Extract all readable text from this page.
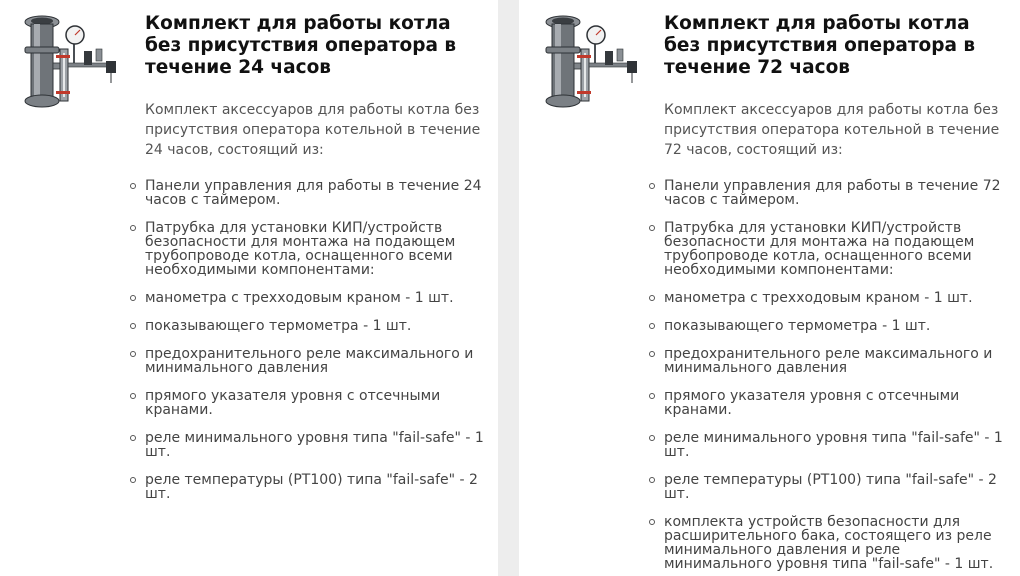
Комплект для работы котла без присутствия оператора в течение 24 часов

Комплект аксессуаров для работы котла без присутствия оператора котельной в течение 24 часов, состоящий из:

Панели управления для работы в течение 24 часов с таймером.
Патрубка для установки КИП/устройств безопасности для монтажа на подающем трубопроводе котла, оснащенного всеми необходимыми компонентами:
манометра с трехходовым краном - 1 шт.
показывающего термометра - 1 шт.
предохранительного реле максимального и минимального давления
прямого указателя уровня с отсечными кранами.
реле минимального уровня типа "fail-safe" - 1 шт.
реле температуры (PT100) типа "fail-safe" - 2 шт.
Комплект для работы котла без присутствия оператора в течение 72 часов

Комплект аксессуаров для работы котла без присутствия оператора котельной в течение 72 часов, состоящий из:

Панели управления для работы в течение 72 часов с таймером.
Патрубка для установки КИП/устройств безопасности для монтажа на подающем трубопроводе котла, оснащенного всеми необходимыми компонентами:
манометра с трехходовым краном - 1 шт.
показывающего термометра - 1 шт.
предохранительного реле максимального и минимального давления
прямого указателя уровня с отсечными кранами.
реле минимального уровня типа "fail-safe" - 1 шт.
реле температуры (PT100) типа "fail-safe" - 2 шт.
комплекта устройств безопасности для расширительного бака, состоящего из реле минимального давления и реле минимального уровня типа "fail-safe" - 1 шт.
